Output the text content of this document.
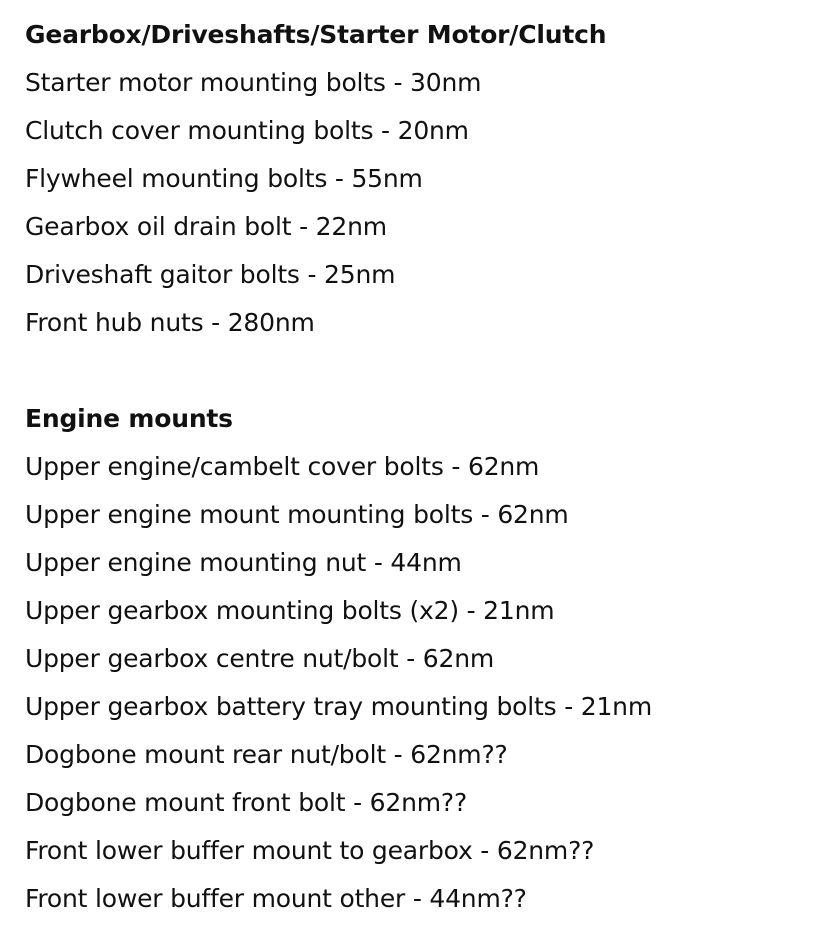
Gearbox/Driveshafts/Starter Motor/Clutch
Starter motor mounting bolts - 30nm
Clutch cover mounting bolts - 20nm
Flywheel mounting bolts - 55nm
Gearbox oil drain bolt - 22nm
Driveshaft gaitor bolts - 25nm
Front hub nuts - 280nm
Engine mounts
Upper engine/cambelt cover bolts - 62nm
Upper engine mount mounting bolts - 62nm
Upper engine mounting nut - 44nm
Upper gearbox mounting bolts (x2) - 21nm
Upper gearbox centre nut/bolt - 62nm
Upper gearbox battery tray mounting bolts - 21nm
Dogbone mount rear nut/bolt - 62nm??
Dogbone mount front bolt - 62nm??
Front lower buffer mount to gearbox - 62nm??
Front lower buffer mount other - 44nm??
